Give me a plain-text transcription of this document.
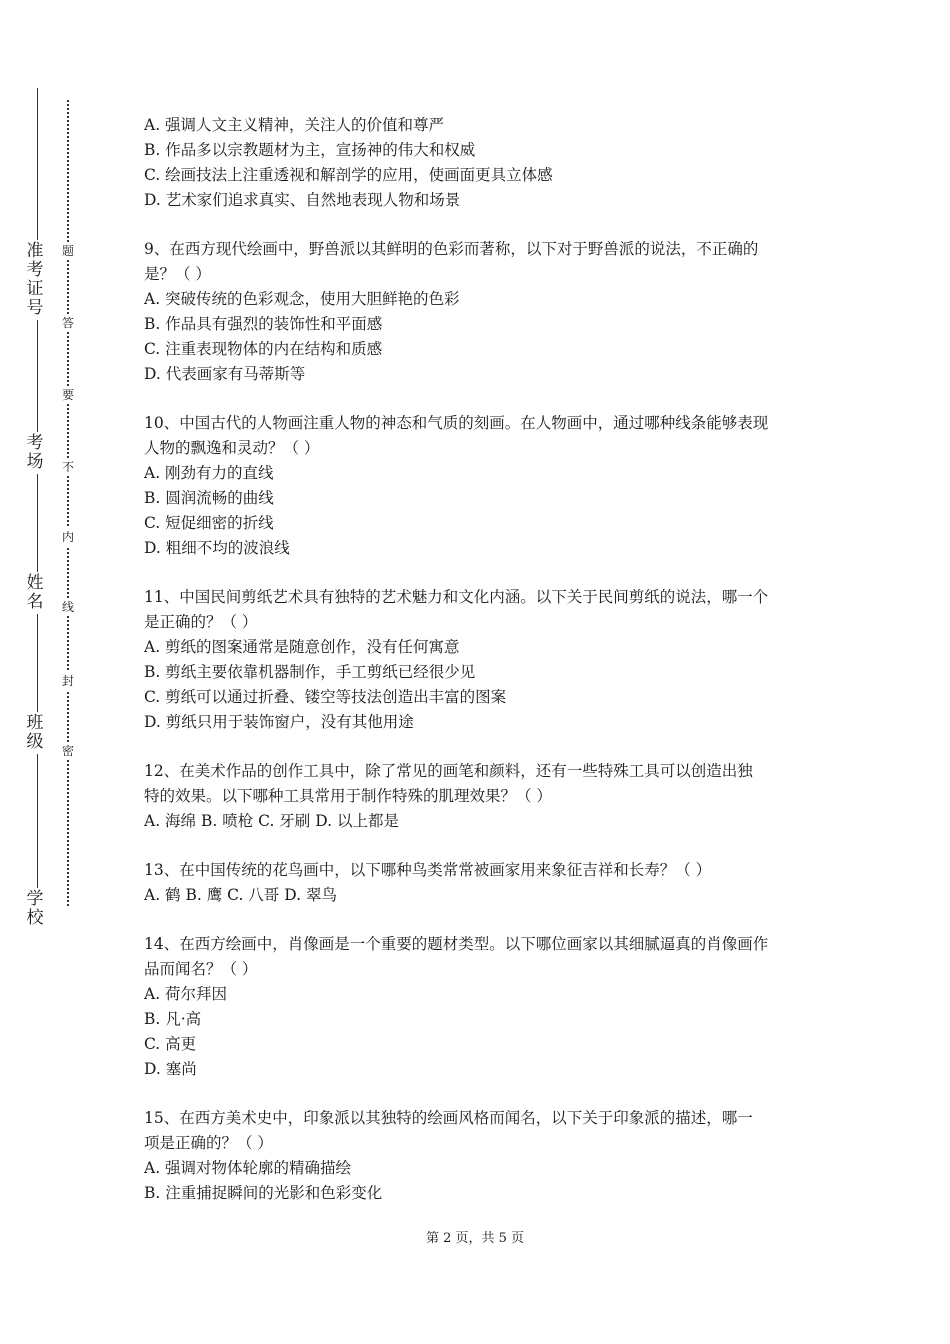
学校
班级
姓名
考场
准考证号
密
封
线
内
不
要
答
题
A. 强调人文主义精神，关注人的价值和尊严
B. 作品多以宗教题材为主，宣扬神的伟大和权威
C. 绘画技法上注重透视和解剖学的应用，使画面更具立体感
D. 艺术家们追求真实、自然地表现人物和场景
9、在西方现代绘画中，野兽派以其鲜明的色彩而著称，以下对于野兽派的说法，不正确的
是？（ ）
A. 突破传统的色彩观念，使用大胆鲜艳的色彩
B. 作品具有强烈的装饰性和平面感
C. 注重表现物体的内在结构和质感
D. 代表画家有马蒂斯等
10、中国古代的人物画注重人物的神态和气质的刻画。在人物画中，通过哪种线条能够表现
人物的飘逸和灵动？（ ）
A. 刚劲有力的直线
B. 圆润流畅的曲线
C. 短促细密的折线
D. 粗细不均的波浪线
11、中国民间剪纸艺术具有独特的艺术魅力和文化内涵。以下关于民间剪纸的说法，哪一个
是正确的？（ ）
A. 剪纸的图案通常是随意创作，没有任何寓意
B. 剪纸主要依靠机器制作，手工剪纸已经很少见
C. 剪纸可以通过折叠、镂空等技法创造出丰富的图案
D. 剪纸只用于装饰窗户，没有其他用途
12、在美术作品的创作工具中，除了常见的画笔和颜料，还有一些特殊工具可以创造出独
特的效果。以下哪种工具常用于制作特殊的肌理效果？（ ）
A. 海绵 B. 喷枪 C. 牙刷 D. 以上都是
13、在中国传统的花鸟画中，以下哪种鸟类常常被画家用来象征吉祥和长寿？（ ）
A. 鹤 B. 鹰 C. 八哥 D. 翠鸟
14、在西方绘画中，肖像画是一个重要的题材类型。以下哪位画家以其细腻逼真的肖像画作
品而闻名？（ ）
A. 荷尔拜因
B. 凡·高
C. 高更
D. 塞尚
15、在西方美术史中，印象派以其独特的绘画风格而闻名，以下关于印象派的描述，哪一
项是正确的？（ ）
A. 强调对物体轮廓的精确描绘
B. 注重捕捉瞬间的光影和色彩变化
第 2 页，共 5 页
